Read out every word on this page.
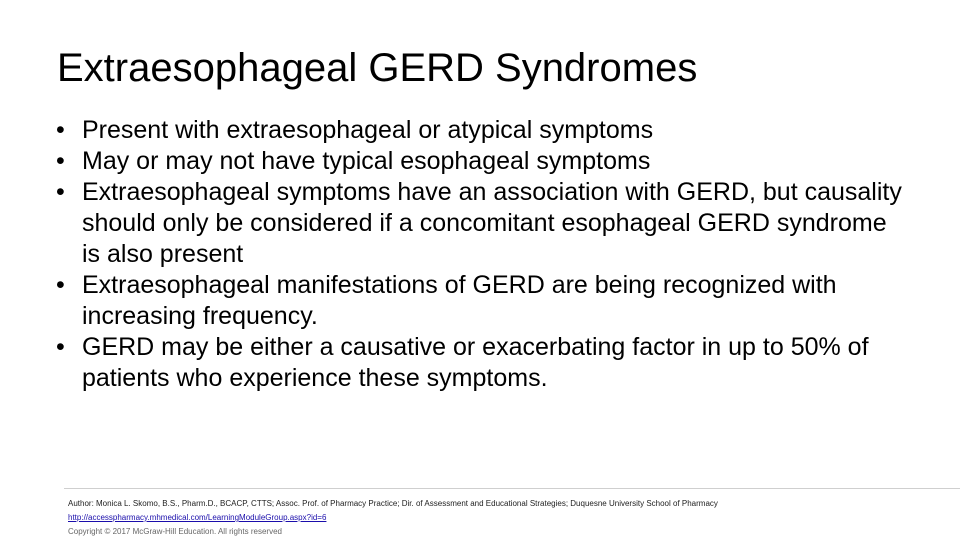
Extraesophageal GERD Syndromes
• Present with extraesophageal or atypical symptoms
• May or may not have typical esophageal symptoms
• Extraesophageal symptoms have an association with GERD, but causality should only be considered if a concomitant esophageal GERD syndrome is also present
• Extraesophageal manifestations of GERD are being recognized with increasing frequency.
• GERD may be either a causative or exacerbating factor in up to 50% of patients who experience these symptoms.
Author: Monica L. Skomo, B.S., Pharm.D., BCACP, CTTS; Assoc. Prof. of Pharmacy Practice; Dir. of Assessment and Educational Strategies; Duquesne University School of Pharmacy
http://accesspharmacy.mhmedical.com/LearningModuleGroup.aspx?id=6
Copyright © 2017 McGraw-Hill Education. All rights reserved
